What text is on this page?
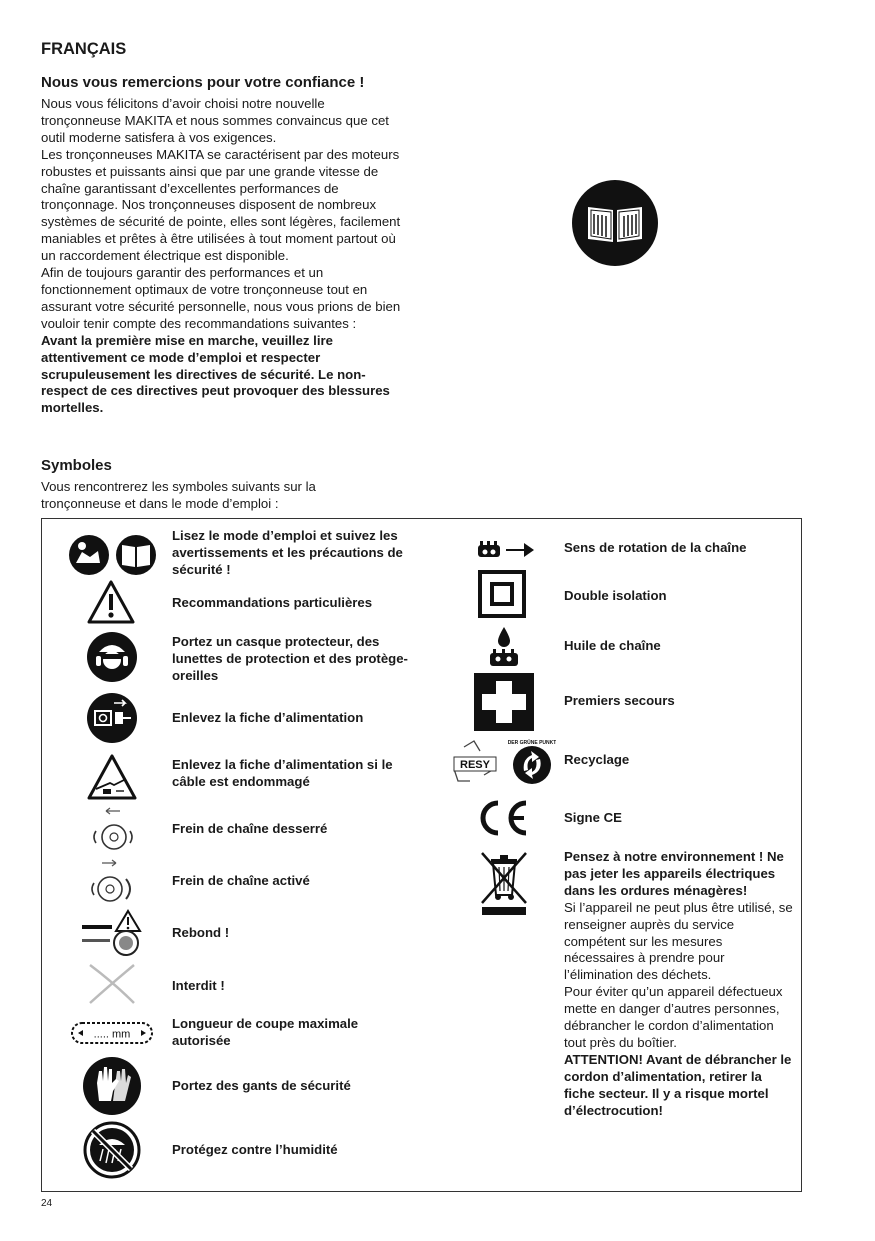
FRANÇAIS
Nous vous remercions pour votre confiance !

Nous vous félicitons d’avoir choisi notre nouvelle tronçonneuse MAKITA et nous sommes convaincus que cet outil moderne satisfera à vos exigences.

Les tronçonneuses MAKITA se caractérisent par des moteurs robustes et puissants ainsi que par une grande vitesse de chaîne garantissant d’excellentes performances de tronçonnage. Nos tronçonneuses disposent de nombreux systèmes de sécurité de pointe, elles sont légères, facilement maniables et prêtes à être utilisées à tout moment partout où un raccordement électrique est disponible.

Afin de toujours garantir des performances et un fonctionnement optimaux de votre tronçonneuse tout en assurant votre sécurité personnelle, nous vous prions de bien vouloir tenir compte des recommandations suivantes :

Avant la première mise en marche, veuillez lire attentivement ce mode d’emploi et respecter scrupuleusement les directives de sécurité. Le non-respect de ces directives peut provoquer des blessures mortelles.

Symboles
Vous rencontrerez les symboles suivants sur la tronçonneuse et dans le mode d’emploi :
Lisez le mode d’emploi et suivez les avertissements et les précautions de sécurité !
Recommandations particulières
Portez un casque protecteur, des lunettes de protection et des protège-oreilles
Enlevez la fiche d’alimentation
Enlevez la fiche d’alimentation si le câble est endommagé
Frein de chaîne desserré
Frein de chaîne activé
Rebond !
Interdit !
..... mm
Longueur de coupe maximale autorisée
Portez des gants de sécurité
Protégez contre l’humidité
Sens de rotation de la chaîne
Double isolation
Huile de chaîne
Premiers secours
RESY
DER GRÜNE PUNKT
Recyclage
Signe CE

Pensez à notre environnement ! Ne pas jeter les appareils électriques dans les ordures ménagères!

Si l’appareil ne peut plus être utilisé, se renseigner auprès du service compétent sur les mesures nécessaires à prendre pour l’élimination des déchets.

Pour éviter qu’un appareil défectueux mette en danger d’autres personnes, débrancher le cordon d’alimentation tout près du boîtier.

ATTENTION! Avant de débrancher le cordon d’alimentation, retirer la fiche secteur. Il y a risque mortel d’électrocution!

24
